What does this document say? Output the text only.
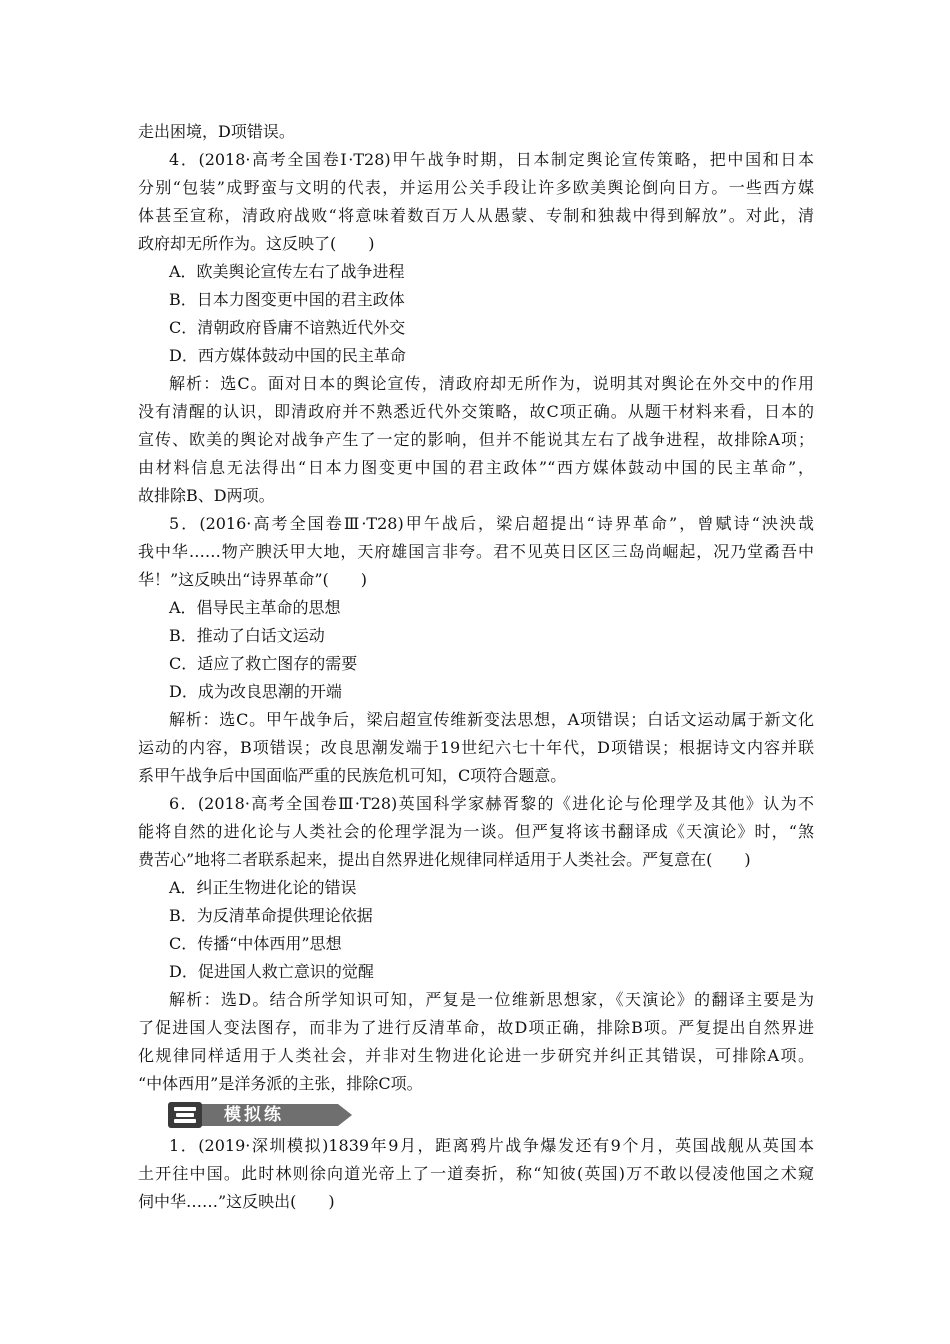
走出困境，D项错误。
4．(2018·高考全国卷Ⅰ·T28)甲午战争时期，日本制定舆论宣传策略，把中国和日本
分别“包装”成野蛮与文明的代表，并运用公关手段让许多欧美舆论倒向日方。一些西方媒
体甚至宣称，清政府战败“将意味着数百万人从愚蒙、专制和独裁中得到解放”。对此，清
政府却无所作为。这反映了(　　)
A．欧美舆论宣传左右了战争进程
B．日本力图变更中国的君主政体
C．清朝政府昏庸不谙熟近代外交
D．西方媒体鼓动中国的民主革命
解析：选C。面对日本的舆论宣传，清政府却无所作为，说明其对舆论在外交中的作用
没有清醒的认识，即清政府并不熟悉近代外交策略，故C项正确。从题干材料来看，日本的
宣传、欧美的舆论对战争产生了一定的影响，但并不能说其左右了战争进程，故排除A项；
由材料信息无法得出“日本力图变更中国的君主政体”“西方媒体鼓动中国的民主革命”，
故排除B、D两项。
5．(2016·高考全国卷Ⅲ·T28)甲午战后，梁启超提出“诗界革命”，曾赋诗“泱泱哉
我中华……物产腴沃甲大地，天府雄国言非夸。君不见英日区区三岛尚崛起，况乃堂矞吾中
华！”这反映出“诗界革命”(　　)
A．倡导民主革命的思想
B．推动了白话文运动
C．适应了救亡图存的需要
D．成为改良思潮的开端
解析：选C。甲午战争后，梁启超宣传维新变法思想，A项错误；白话文运动属于新文化
运动的内容，B项错误；改良思潮发端于19世纪六七十年代，D项错误；根据诗文内容并联
系甲午战争后中国面临严重的民族危机可知，C项符合题意。
6．(2018·高考全国卷Ⅲ·T28)英国科学家赫胥黎的《进化论与伦理学及其他》认为不
能将自然的进化论与人类社会的伦理学混为一谈。但严复将该书翻译成《天演论》时，“煞
费苦心”地将二者联系起来，提出自然界进化规律同样适用于人类社会。严复意在(　　)
A．纠正生物进化论的错误
B．为反清革命提供理论依据
C．传播“中体西用”思想
D．促进国人救亡意识的觉醒
解析：选D。结合所学知识可知，严复是一位维新思想家，《天演论》的翻译主要是为
了促进国人变法图存，而非为了进行反清革命，故D项正确，排除B项。严复提出自然界进
化规律同样适用于人类社会，并非对生物进化论进一步研究并纠正其错误，可排除A项。
“中体西用”是洋务派的主张，排除C项。
模拟练
1．(2019·深圳模拟)1839年9月，距离鸦片战争爆发还有9个月，英国战舰从英国本
土开往中国。此时林则徐向道光帝上了一道奏折，称“知彼(英国)万不敢以侵凌他国之术窥
伺中华……”这反映出(　　)
